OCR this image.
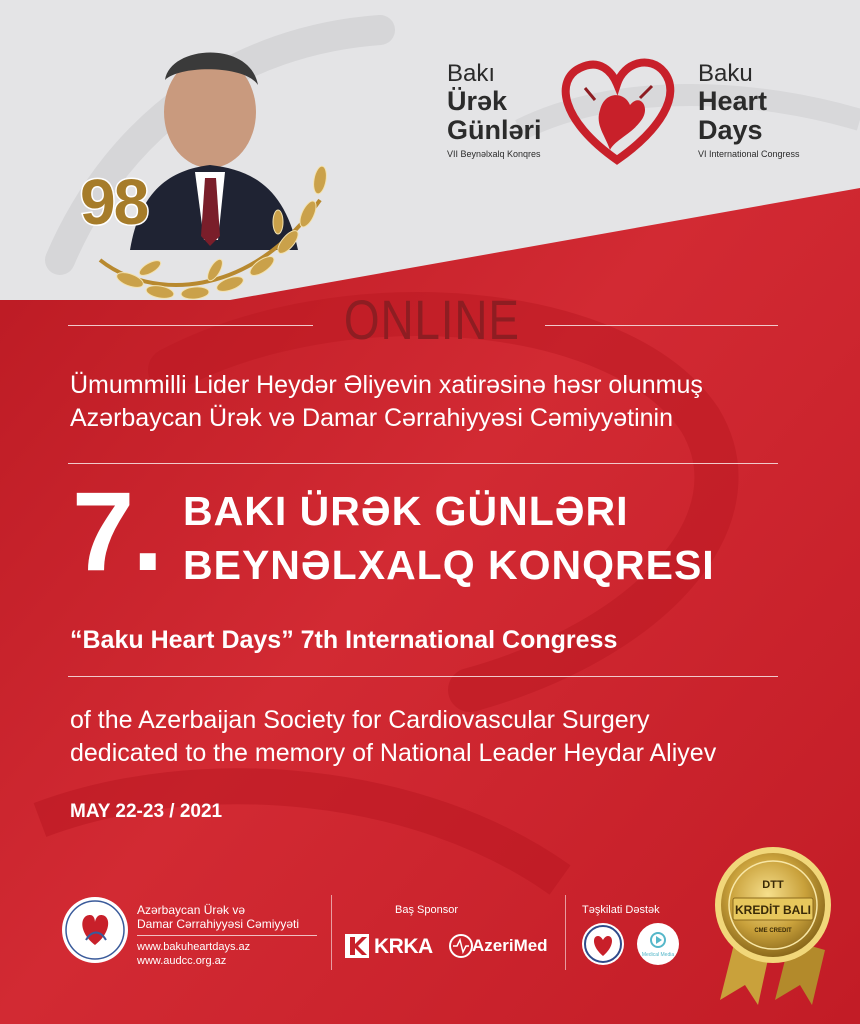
Bakı
Ürək
Günləri
VII Beynəlxalq Konqres
Baku
Heart
Days
VI International Congress
98
ONLINE
Ümummilli Lider Heydər Əliyevin xatirəsinə həsr olunmuş
Azərbaycan Ürək və Damar Cərrahiyyəsi Cəmiyyətinin
7. BAKI ÜRƏK GÜNLƏRI
BEYNƏLXALQ KONQRESI
“Baku Heart Days” 7th International Congress
of the Azerbaijan Society for Cardiovascular Surgery
dedicated to the memory of National Leader Heydar Aliyev
MAY 22-23 / 2021
Azərbaycan Ürək və
Damar Cərrahiyyəsi Cəmiyyəti
www.bakuheartdays.az
www.audcc.org.az
Baş Sponsor
KRKA AzeriMed
Təşkilati Dəstək
Medical Media
DTT
KREDİT BALI
CME CREDIT
